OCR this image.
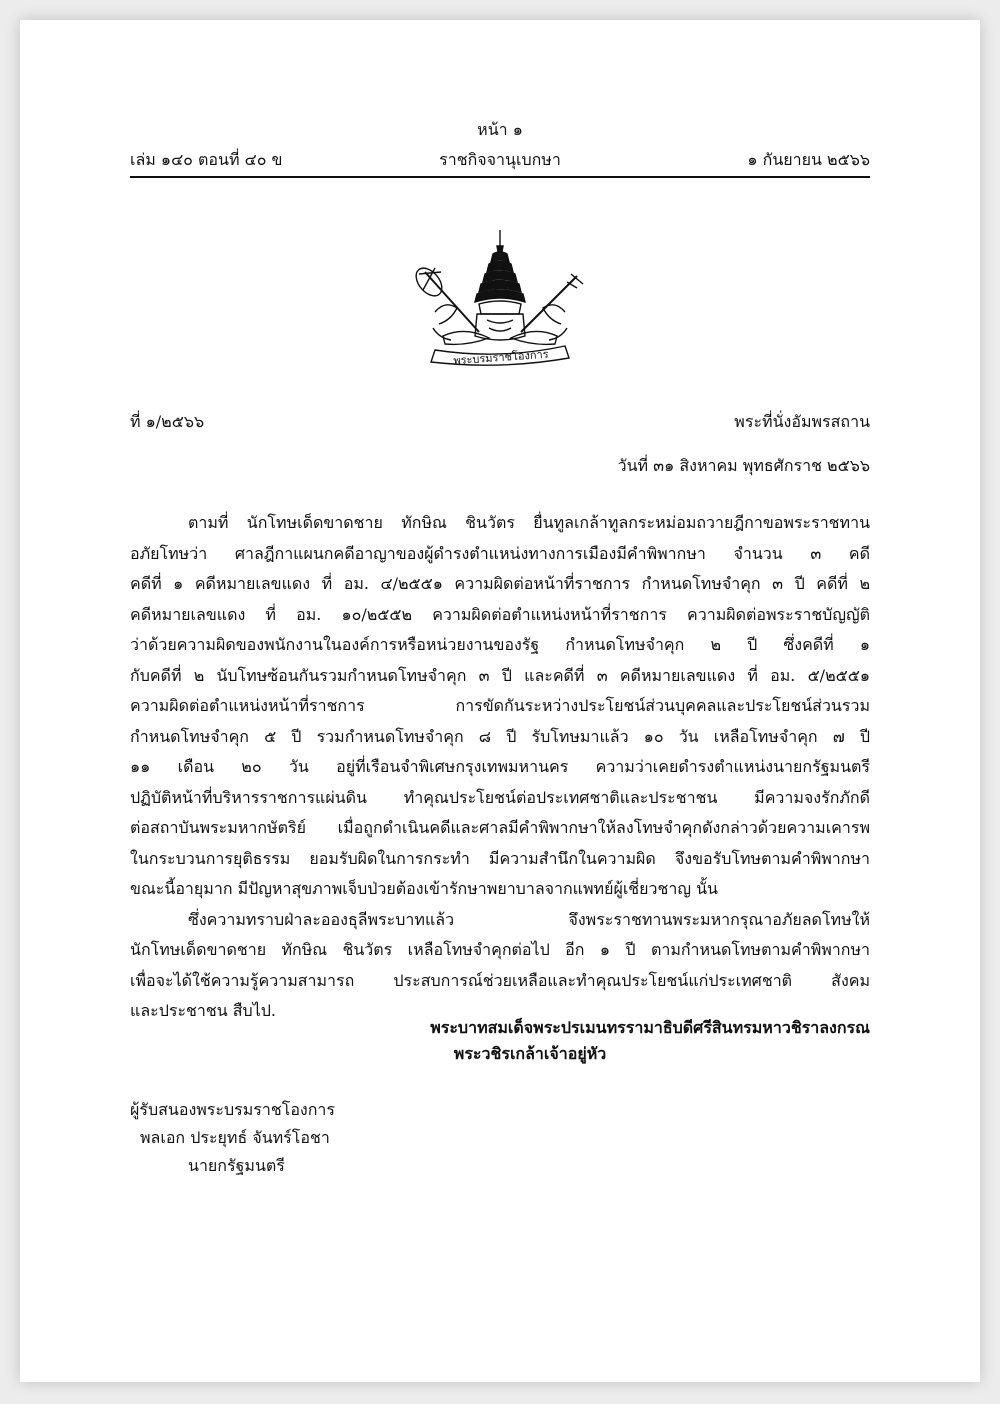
หน้า ๑
เล่ม ๑๔๐ ตอนที่ ๔๐ ข	ราชกิจจานุเบกษา	๑ กันยายน ๒๕๖๖
พระบรมราชโองการ
ที่ ๑/๒๕๖๖	พระที่นั่งอัมพรสถาน
วันที่ ๓๑ สิงหาคม พุทธศักราช ๒๕๖๖
ตามที่ นักโทษเด็ดขาดชาย ทักษิณ ชินวัตร ยื่นทูลเกล้าทูลกระหม่อมถวายฎีกาขอพระราชทาน
อภัยโทษว่า ศาลฎีกาแผนกคดีอาญาของผู้ดำรงตำแหน่งทางการเมืองมีคำพิพากษา จำนวน ๓ คดี
คดีที่ ๑ คดีหมายเลขแดง ที่ อม. ๔/๒๕๕๑ ความผิดต่อหน้าที่ราชการ กำหนดโทษจำคุก ๓ ปี คดีที่ ๒
คดีหมายเลขแดง ที่ อม. ๑๐/๒๕๕๒ ความผิดต่อตำแหน่งหน้าที่ราชการ ความผิดต่อพระราชบัญญัติ
ว่าด้วยความผิดของพนักงานในองค์การหรือหน่วยงานของรัฐ กำหนดโทษจำคุก ๒ ปี ซึ่งคดีที่ ๑
กับคดีที่ ๒ นับโทษซ้อนกันรวมกำหนดโทษจำคุก ๓ ปี และคดีที่ ๓ คดีหมายเลขแดง ที่ อม. ๕/๒๕๕๑
ความผิดต่อตำแหน่งหน้าที่ราชการ การขัดกันระหว่างประโยชน์ส่วนบุคคลและประโยชน์ส่วนรวม
กำหนดโทษจำคุก ๕ ปี รวมกำหนดโทษจำคุก ๘ ปี รับโทษมาแล้ว ๑๐ วัน เหลือโทษจำคุก ๗ ปี
๑๑ เดือน ๒๐ วัน อยู่ที่เรือนจำพิเศษกรุงเทพมหานคร ความว่าเคยดำรงตำแหน่งนายกรัฐมนตรี
ปฏิบัติหน้าที่บริหารราชการแผ่นดิน ทำคุณประโยชน์ต่อประเทศชาติและประชาชน มีความจงรักภักดี
ต่อสถาบันพระมหากษัตริย์ เมื่อถูกดำเนินคดีและศาลมีคำพิพากษาให้ลงโทษจำคุกดังกล่าวด้วยความเคารพ
ในกระบวนการยุติธรรม ยอมรับผิดในการกระทำ มีความสำนึกในความผิด จึงขอรับโทษตามคำพิพากษา
ขณะนี้อายุมาก มีปัญหาสุขภาพเจ็บป่วยต้องเข้ารักษาพยาบาลจากแพทย์ผู้เชี่ยวชาญ นั้น
ซึ่งความทราบฝ่าละอองธุลีพระบาทแล้ว จึงพระราชทานพระมหากรุณาอภัยลดโทษให้
นักโทษเด็ดขาดชาย ทักษิณ ชินวัตร เหลือโทษจำคุกต่อไป อีก ๑ ปี ตามกำหนดโทษตามคำพิพากษา
เพื่อจะได้ใช้ความรู้ความสามารถ ประสบการณ์ช่วยเหลือและทำคุณประโยชน์แก่ประเทศชาติ สังคม
และประชาชน สืบไป.
พระบาทสมเด็จพระปรเมนทรรามาธิบดีศรีสินทรมหาวชิราลงกรณ
พระวชิรเกล้าเจ้าอยู่หัว
ผู้รับสนองพระบรมราชโองการ
พลเอก ประยุทธ์ จันทร์โอชา
นายกรัฐมนตรี
